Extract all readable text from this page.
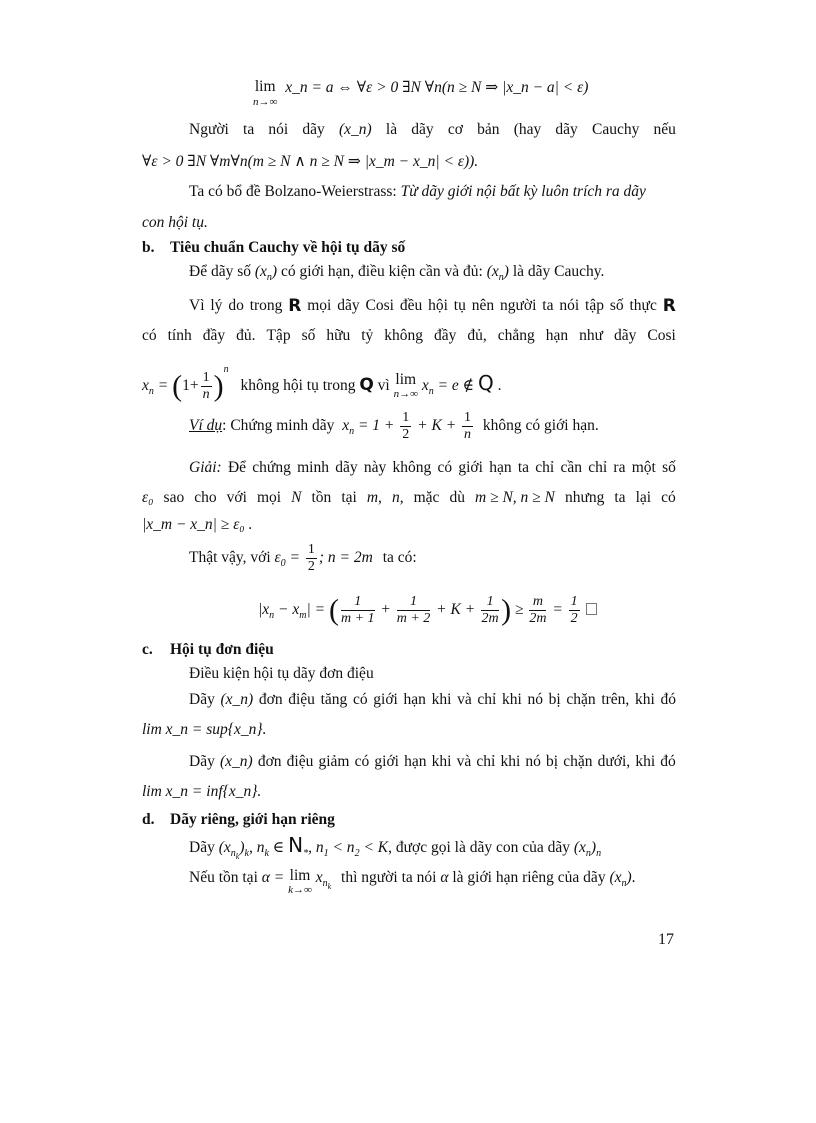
lim
n→∞
x_n = a ⇔ ∀ε > 0 ∃N ∀n(n ≥ N ⇒ |x_n − a| < ε)
Người ta nói dãy (x_n) là dãy cơ bản (hay dãy Cauchy nếu
∀ε > 0 ∃N ∀m∀n(m ≥ N ∧ n ≥ N ⇒ |x_m − x_n| < ε)).
Ta có bổ đề Bolzano-Weierstrass: Từ dãy giới nội bất kỳ luôn trích ra dãy
con hội tụ.
b. Tiêu chuẩn Cauchy về hội tụ dãy số
Để dãy số $(x_n)$ có giới hạn, điều kiện cần và đủ: $(x_n)$ là dãy Cauchy.
Vì lý do trong R mọi dãy Cosi đều hội tụ nên người ta nói tập số thực R
có tính đầy đủ. Tập số hữu tỷ không đầy đủ, chẳng hạn như dãy Cosi
$x_n = (1+ \frac{1}{n} )^n$ không hội tụ trong Q vì lim
n→∞
$x_n = e$ ∉ Q .
Ví dụ: Chứng minh dãy $x_n = 1 + \frac{1}{2} + K + \frac{1}{n}$ không có giới hạn.
Giải: Để chứng minh dãy này không có giới hạn ta chỉ cần chỉ ra một số
ε₀ sao cho với mọi N tồn tại m, n, mặc dù m ≥ N, n ≥ N nhưng ta lại có
|x_m − x_n| ≥ ε₀ .
Thật vậy, với $\varepsilon_0 = \frac{1}{2}$ ; n = 2m ta có:
$|x_n - x_m|$ = ( $\frac{1}{m + 1} + \frac{1}{m + 2} + K + \frac{1}{2m}$ ) ≥ $\frac{m}{2m} = \frac{1}{2}$
c. Hội tụ đơn điệu
Điều kiện hội tụ dãy đơn điệu
Dãy (x_n) đơn điệu tăng có giới hạn khi và chỉ khi nó bị chặn trên, khi đó
lim x_n = sup{x_n}.
Dãy (x_n) đơn điệu giảm có giới hạn khi và chỉ khi nó bị chặn dưới, khi đó
lim x_n = inf{x_n}.
d. Dãy riêng, giới hạn riêng
Dãy $(x_{n_k})_k$, $n_k$ ∈ $N_*$, $n_1 < n_2 < K$, được gọi là dãy con của dãy $(x_n)_n$
Nếu tồn tại α = lim
k→∞
$x_{n_k}$ thì người ta nói α là giới hạn riêng của dãy $(x_n)$.
17
